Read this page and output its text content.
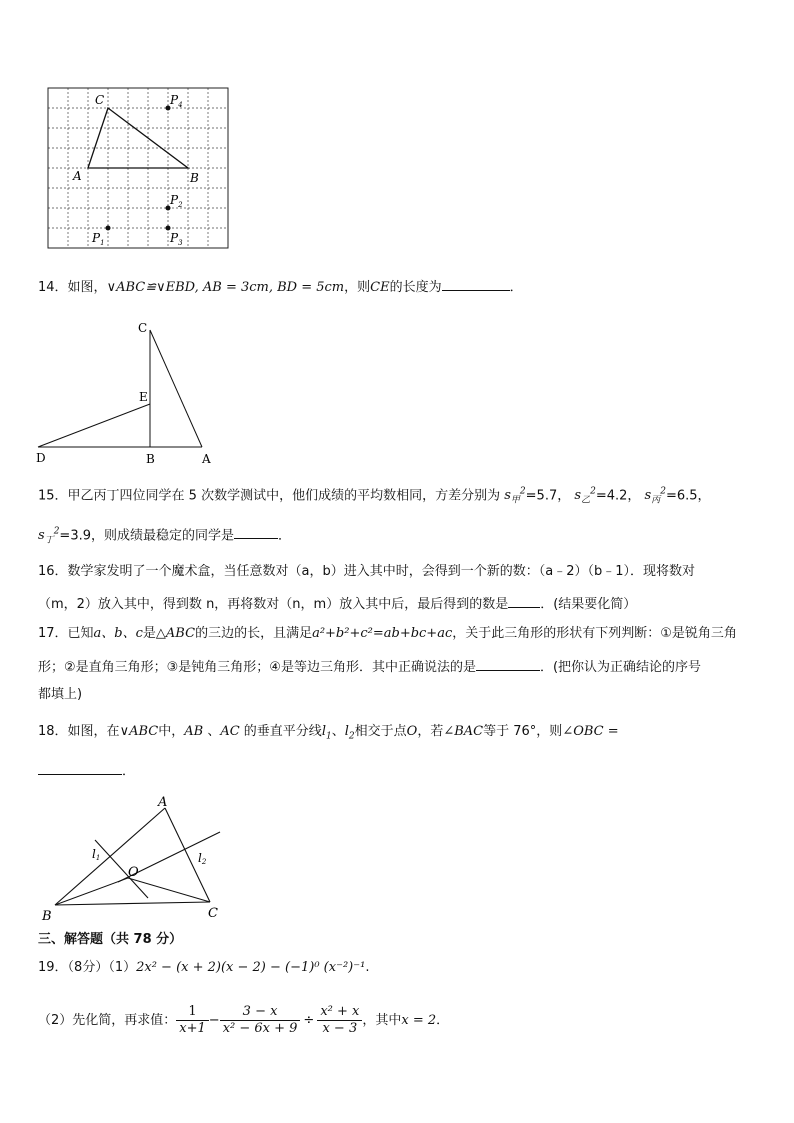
C	$P_4$
A	B
$P_2$
$P_1$	$P_3$
14．如图，∨ABC≌∨EBD, AB = 3cm, BD = 5cm，则CE的长度为	．
C
E
D	B	A
15．甲乙丙丁四位同学在 5 次数学测试中，他们成绩的平均数相同，方差分别为 $s_甲^2=5.7$， $s_乙^2=4.2$， $s_丙^2=6.5$，
$s_丁^2=3.9$，则成绩最稳定的同学是	．
16．数学家发明了一个魔术盒，当任意数对（a，b）进入其中时，会得到一个新的数：（a﹣2）（b﹣1）．现将数对
（m，2）放入其中，得到数 n，再将数对（n，m）放入其中后，最后得到的数是 ．(结果要化简）
17．已知a、b、c是△ABC的三边的长，且满足a²+b²+c²=ab+bc+ac，关于此三角形的形状有下列判断：①是锐角三角
形；②是直角三角形；③是钝角三角形；④是等边三角形．其中正确说法的是	．(把你认为正确结论的序号
都填上)
18．如图，在∨ABC中，AB 、AC 的垂直平分线$l_1$、$l_2$相交于点O，若∠BAC等于 76°，则∠OBC =
．
A
l1	l2
O
B	C
三、解答题（共 78 分）
19．（8分）（1）2x² − (x + 2)(x − 2) − (−1)⁰ (x⁻²)⁻¹.
（2）先化简，再求值： $\frac{1}{x+1} - \frac{3 - x}{\text{x² − 6x + 9}} \div \frac{\text{x² + x}}{x - 3}$ ，其中x = 2．
